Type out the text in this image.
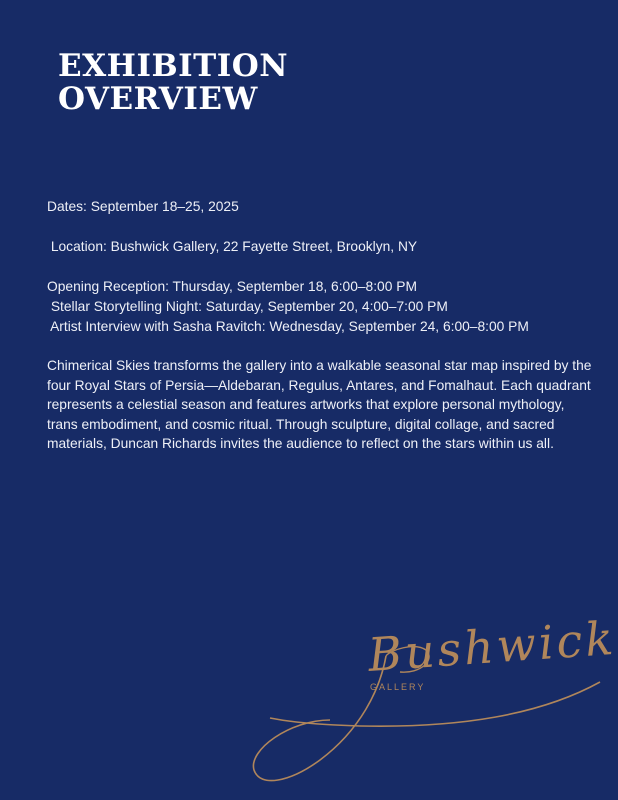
EXHIBITION
OVERVIEW

Dates: September 18–25, 2025

Location: Bushwick Gallery, 22 Fayette Street, Brooklyn, NY

Opening Reception: Thursday, September 18, 6:00–8:00 PM

Stellar Storytelling Night: Saturday, September 20, 4:00–7:00 PM

Artist Interview with Sasha Ravitch: Wednesday, September 24, 6:00–8:00 PM

Chimerical Skies transforms the gallery into a walkable seasonal star map inspired by the four Royal Stars of Persia—Aldebaran, Regulus, Antares, and Fomalhaut. Each quadrant represents a celestial season and features artworks that explore personal mythology, trans embodiment, and cosmic ritual. Through sculpture, digital collage, and sacred materials, Duncan Richards invites the audience to reflect on the stars within us all.

Bushwick
GALLERY
